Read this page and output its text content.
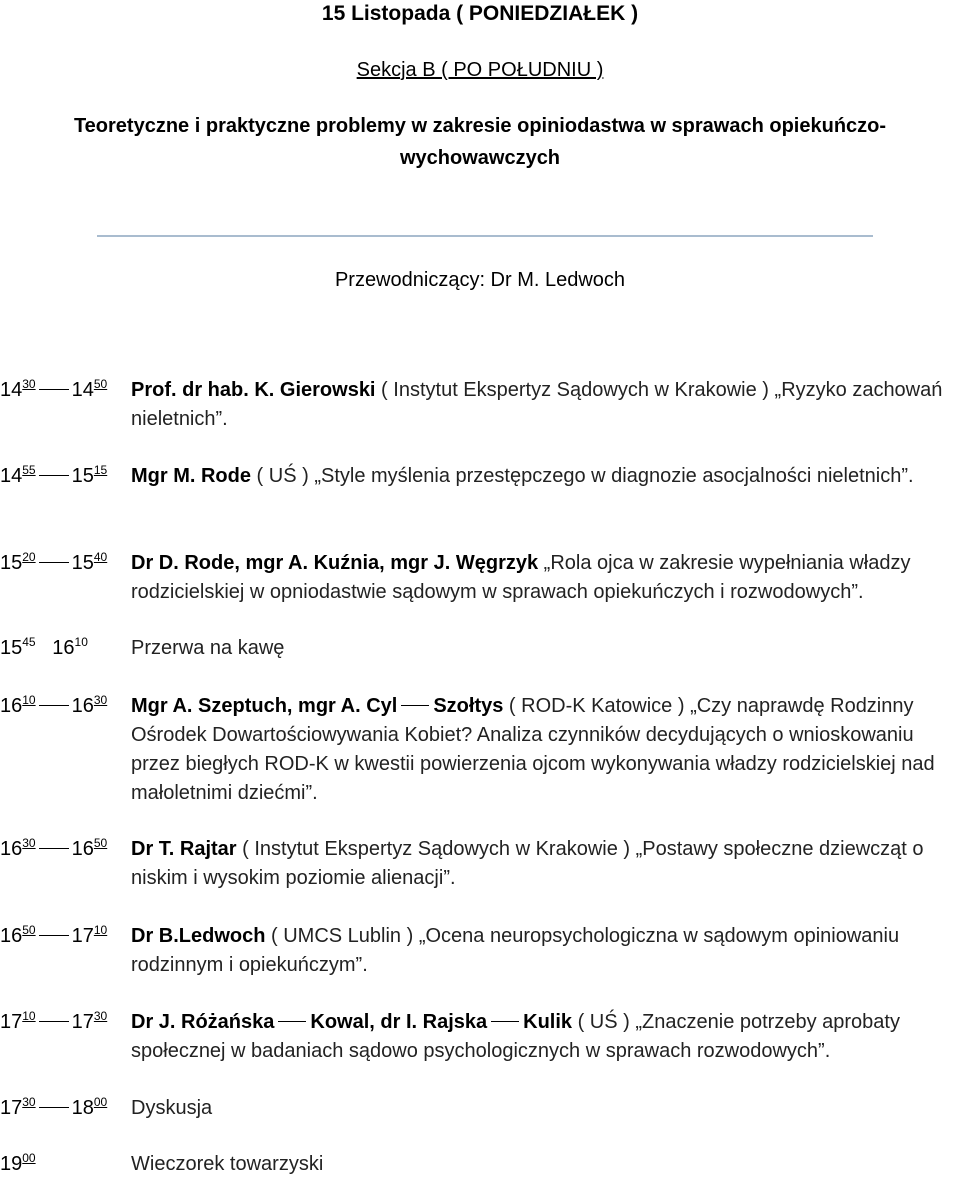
15 Listopada ( PONIEDZIAŁEK )
Sekcja B ( PO POŁUDNIU )
Teoretyczne i praktyczne problemy w zakresie opiniodastwa w sprawach opiekuńczo-wychowawczych
Przewodniczący: Dr M. Ledwoch
$14^{30}$ $14^{50}$	Prof. dr hab. K. Gierowski ( Instytut Ekspertyz Sądowych w Krakowie ) „Ryzyko zachowań nieletnich”.
$14^{55}$ $15^{15}$	Mgr M. Rode ( UŚ ) „Style myślenia przestępczego w diagnozie asocjalności nieletnich”.
$15^{20}$ $15^{40}$	Dr D. Rode, mgr A. Kuźnia, mgr J. Węgrzyk „Rola ojca w zakresie wypełniania władzy rodzicielskiej w opniodastwie sądowym w sprawach opiekuńczych i rozwodowych”.
$15^{45}$ $16^{10}$	Przerwa na kawę
$16^{10}$ $16^{30}$	Mgr A. Szeptuch, mgr A. Cyl Szołtys ( ROD-K Katowice ) „Czy naprawdę Rodzinny Ośrodek Dowartościowywania Kobiet? Analiza czynników decydujących o wnioskowaniu przez biegłych ROD-K w kwestii powierzenia ojcom wykonywania władzy rodzicielskiej nad małoletnimi dziećmi”.
$16^{30}$ $16^{50}$	Dr T. Rajtar ( Instytut Ekspertyz Sądowych w Krakowie ) „Postawy społeczne dziewcząt o niskim i wysokim poziomie alienacji”.
$16^{50}$ $17^{10}$	Dr B.Ledwoch ( UMCS Lublin ) „Ocena neuropsychologiczna w sądowym opiniowaniu rodzinnym i opiekuńczym”.
$17^{10}$ $17^{30}$	Dr J. Różańska Kowal, dr I. Rajska Kulik ( UŚ ) „Znaczenie potrzeby aprobaty społecznej w badaniach sądowo psychologicznych w sprawach rozwodowych”.
$17^{30}$ $18^{00}$	Dyskusja
$19^{00}$	Wieczorek towarzyski
